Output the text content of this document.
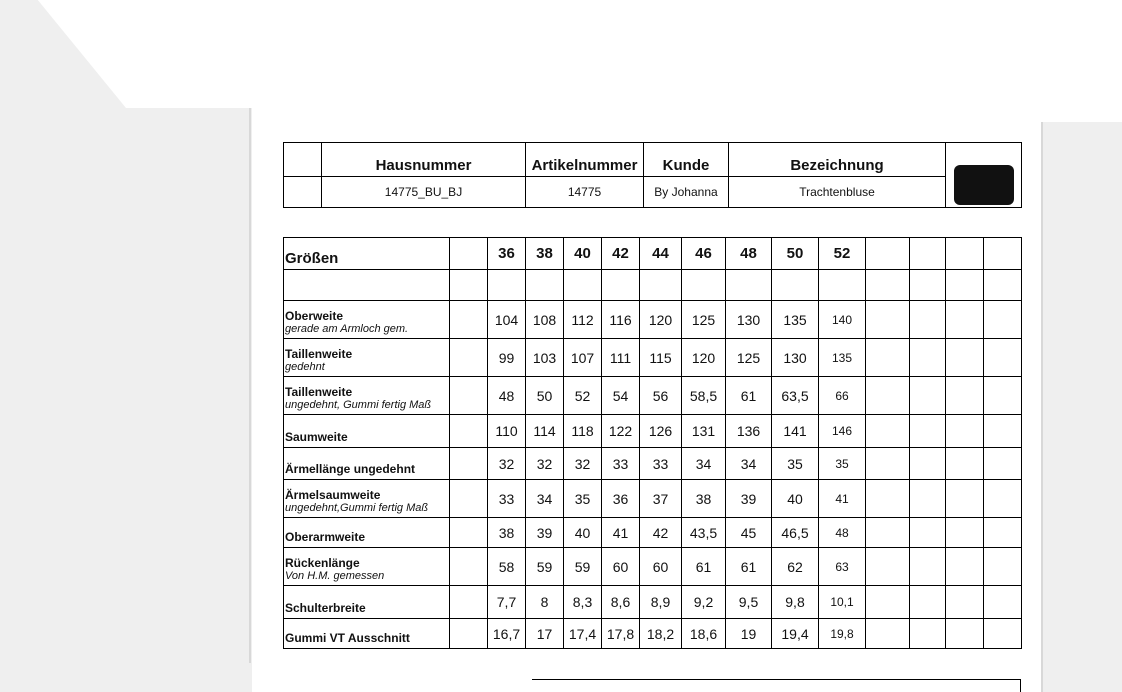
	Hausnummer	Artikelnummer	Kunde	Bezeichnung	

	14775_BU_BJ	14775	By Johanna	Trachtenbluse	
Größen		36	38	40	42	44	46	48	50	52				

Oberweite
gerade am Armloch gem.		104	108	112	116	120	125	130	135	140				
Taillenweite
gedehnt		99	103	107	111	115	120	125	130	135				
Taillenweite
ungedehnt, Gummi fertig Maß		48	50	52	54	56	58,5	61	63,5	66				
Saumweite		110	114	118	122	126	131	136	141	146				
Ärmellänge ungedehnt		32	32	32	33	33	34	34	35	35				
Ärmelsaumweite
ungedehnt,Gummi fertig Maß		33	34	35	36	37	38	39	40	41				
Oberarmweite		38	39	40	41	42	43,5	45	46,5	48				
Rückenlänge
Von H.M. gemessen		58	59	59	60	60	61	61	62	63				
Schulterbreite		7,7	8	8,3	8,6	8,9	9,2	9,5	9,8	10,1				
Gummi VT Ausschnitt		16,7	17	17,4	17,8	18,2	18,6	19	19,4	19,8				
